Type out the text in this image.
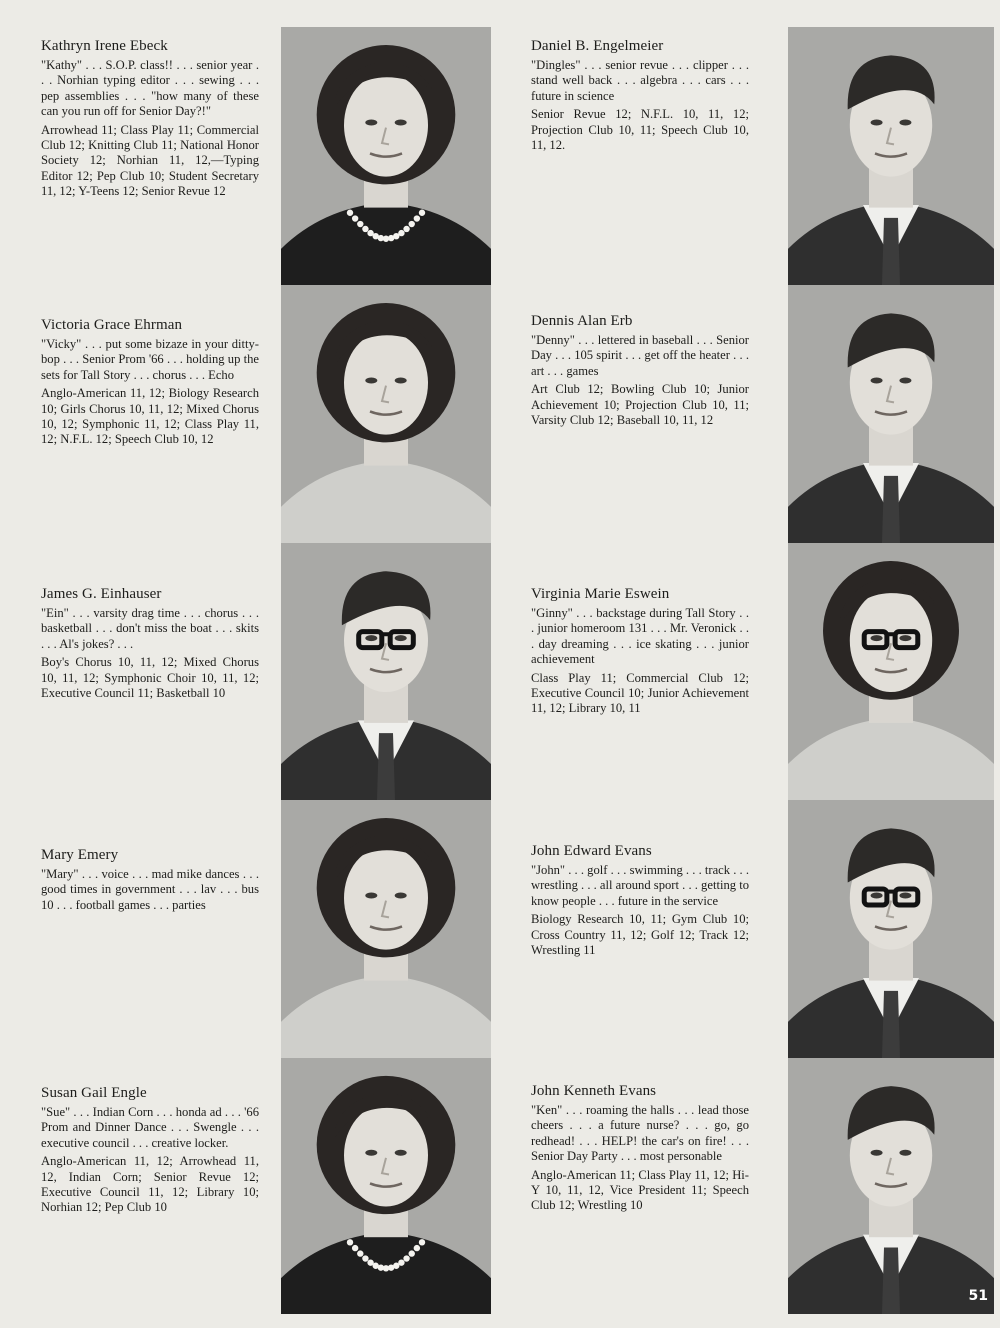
Kathryn Irene Ebeck
"Kathy" . . . S.O.P. class!! . . . senior year . . . Norhian typing editor . . . sewing . . . pep assemblies . . . "how many of these can you run off for Senior Day?!"
Arrowhead 11; Class Play 11; Commercial Club 12; Knitting Club 11; National Honor Society 12; Norhian 11, 12,—Typing Editor 12; Pep Club 10; Student Secretary 11, 12; Y-Teens 12; Senior Revue 12
Victoria Grace Ehrman
"Vicky" . . . put some bizaze in your ditty-bop . . . Senior Prom '66 . . . holding up the sets for Tall Story . . . chorus . . . Echo
Anglo-American 11, 12; Biology Research 10; Girls Chorus 10, 11, 12; Mixed Chorus 10, 12; Symphonic 11, 12; Class Play 11, 12; N.F.L. 12; Speech Club 10, 12
James G. Einhauser
"Ein" . . . varsity drag time . . . chorus . . . basketball . . . don't miss the boat . . . skits . . . Al's jokes? . . .
Boy's Chorus 10, 11, 12; Mixed Chorus 10, 11, 12; Symphonic Choir 10, 11, 12; Executive Council 11; Basketball 10
Mary Emery
"Mary" . . . voice . . . mad mike dances . . . good times in government . . . lav . . . bus 10 . . . football games . . . parties
Susan Gail Engle
"Sue" . . . Indian Corn . . . honda ad . . . '66 Prom and Dinner Dance . . . Swengle . . . executive council . . . creative locker.
Anglo-American 11, 12; Arrowhead 11, 12, Indian Corn; Senior Revue 12; Executive Council 11, 12; Library 10; Norhian 12; Pep Club 10
Daniel B. Engelmeier
"Dingles" . . . senior revue . . . clipper . . . stand well back . . . algebra . . . cars . . . future in science
Senior Revue 12; N.F.L. 10, 11, 12; Projection Club 10, 11; Speech Club 10, 11, 12.
Dennis Alan Erb
"Denny" . . . lettered in baseball . . . Senior Day . . . 105 spirit . . . get off the heater . . . art . . . games
Art Club 12; Bowling Club 10; Junior Achievement 10; Projection Club 10, 11; Varsity Club 12; Baseball 10, 11, 12
Virginia Marie Eswein
"Ginny" . . . backstage during Tall Story . . . junior homeroom 131 . . . Mr. Veronick . . . day dreaming . . . ice skating . . . junior achievement
Class Play 11; Commercial Club 12; Executive Council 10; Junior Achievement 11, 12; Library 10, 11
John Edward Evans
"John" . . . golf . . . swimming . . . track . . . wrestling . . . all around sport . . . getting to know people . . . future in the service
Biology Research 10, 11; Gym Club 10; Cross Country 11, 12; Golf 12; Track 12; Wrestling 11
John Kenneth Evans
"Ken" . . . roaming the halls . . . lead those cheers . . . a future nurse? . . . go, go redhead! . . . HELP! the car's on fire! . . . Senior Day Party . . . most personable
Anglo-American 11; Class Play 11, 12; Hi-Y 10, 11, 12, Vice President 11; Speech Club 12; Wrestling 10
51
